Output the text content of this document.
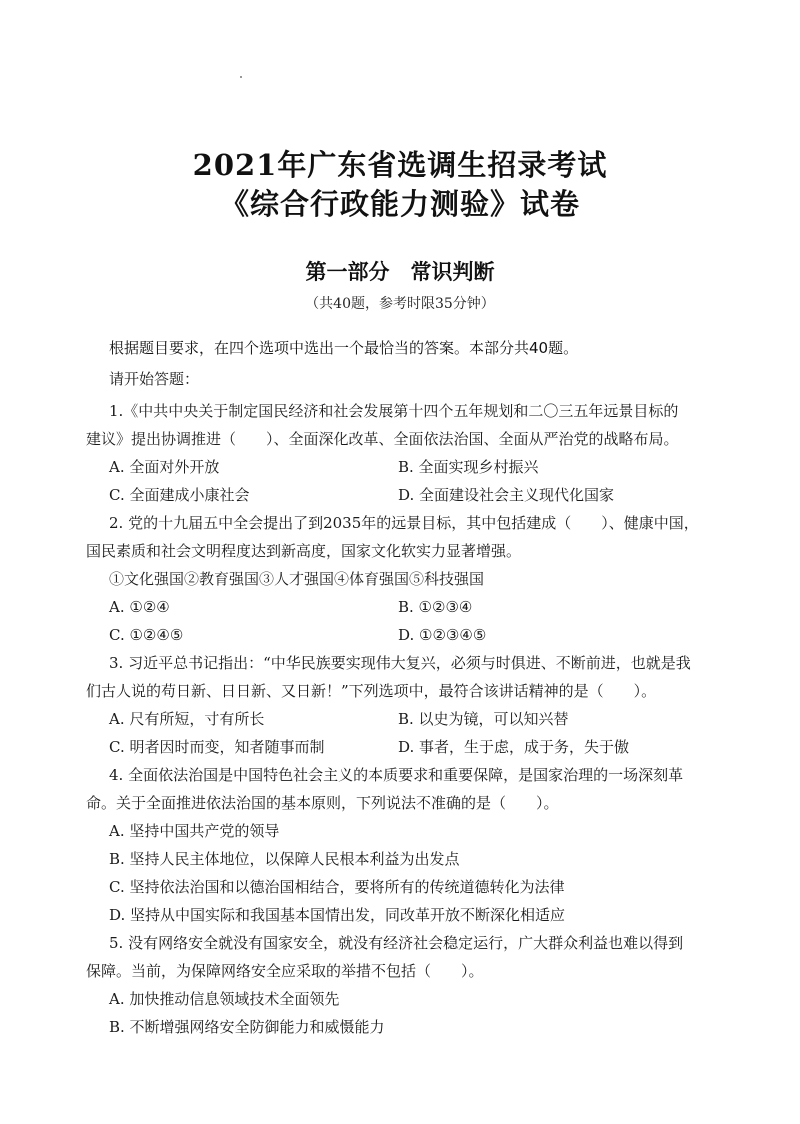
2021年广东省选调生招录考试
《综合行政能力测验》试卷
第一部分　常识判断
（共40题，参考时限35分钟）
根据题目要求，在四个选项中选出一个最恰当的答案。本部分共40题。
请开始答题：
1.《中共中央关于制定国民经济和社会发展第十四个五年规划和二〇三五年远景目标的
建议》提出协调推进（　　）、全面深化改革、全面依法治国、全面从严治党的战略布局。
A. 全面对外开放	B. 全面实现乡村振兴
C. 全面建成小康社会	D. 全面建设社会主义现代化国家
2. 党的十九届五中全会提出了到2035年的远景目标，其中包括建成（　　）、健康中国，
国民素质和社会文明程度达到新高度，国家文化软实力显著增强。
①文化强国②教育强国③人才强国④体育强国⑤科技强国
A. ①②④	B. ①②③④
C. ①②④⑤	D. ①②③④⑤
3. 习近平总书记指出：“中华民族要实现伟大复兴，必须与时俱进、不断前进，也就是我
们古人说的苟日新、日日新、又日新！”下列选项中，最符合该讲话精神的是（　　）。
A. 尺有所短，寸有所长	B. 以史为镜，可以知兴替
C. 明者因时而变，知者随事而制	D. 事者，生于虑，成于务，失于傲
4. 全面依法治国是中国特色社会主义的本质要求和重要保障，是国家治理的一场深刻革
命。关于全面推进依法治国的基本原则，下列说法不准确的是（　　）。
A. 坚持中国共产党的领导
B. 坚持人民主体地位，以保障人民根本利益为出发点
C. 坚持依法治国和以德治国相结合，要将所有的传统道德转化为法律
D. 坚持从中国实际和我国基本国情出发，同改革开放不断深化相适应
5. 没有网络安全就没有国家安全，就没有经济社会稳定运行，广大群众利益也难以得到
保障。当前，为保障网络安全应采取的举措不包括（　　）。
A. 加快推动信息领域技术全面领先
B. 不断增强网络安全防御能力和威慑能力
